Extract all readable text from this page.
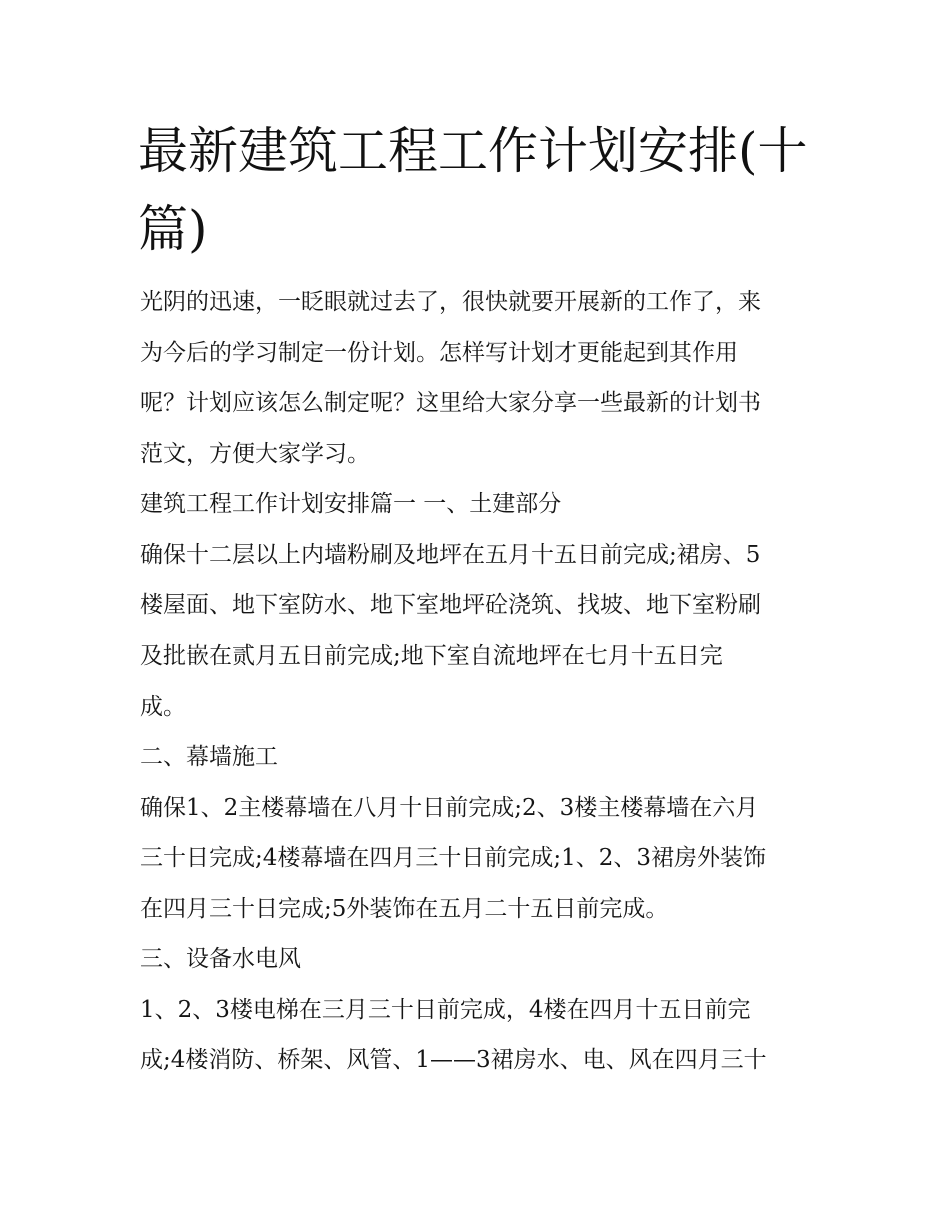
最新建筑工程工作计划安排(十
篇)

光阴的迅速，一眨眼就过去了，很快就要开展新的工作了，来

为今后的学习制定一份计划。怎样写计划才更能起到其作用

呢？计划应该怎么制定呢？这里给大家分享一些最新的计划书

范文，方便大家学习。

建筑工程工作计划安排篇一 一、土建部分

确保十二层以上内墙粉刷及地坪在五月十五日前完成;裙房、5

楼屋面、地下室防水、地下室地坪砼浇筑、找坡、地下室粉刷

及批嵌在贰月五日前完成;地下室自流地坪在七月十五日完

成。

二、幕墙施工

确保1、2主楼幕墙在八月十日前完成;2、3楼主楼幕墙在六月

三十日完成;4楼幕墙在四月三十日前完成;1、2、3裙房外装饰

在四月三十日完成;5外装饰在五月二十五日前完成。

三、设备水电风

1、2、3楼电梯在三月三十日前完成，4楼在四月十五日前完

成;4楼消防、桥架、风管、1——3裙房水、电、风在四月三十
